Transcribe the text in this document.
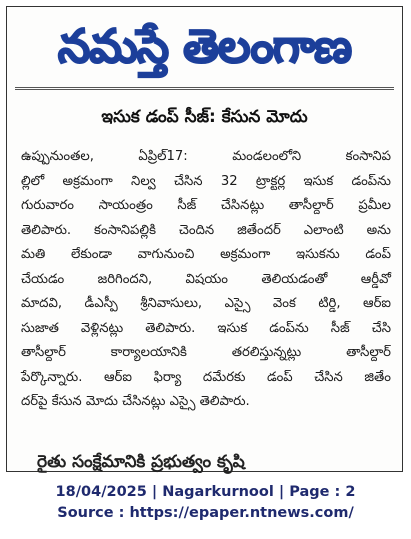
నమస్తే తెలంగాణ
ఇసుక డంప్ సీజ్: కేసున మోదు
ఉప్పునుంతల, ఏప్రిల్17: మండలంలోని కంసానిప
ల్లిలో అక్రమంగా నిల్వ చేసిన 32 ట్రాక్టర్ల ఇసుక డంప్‌ను
గురువారం సాయంత్రం సీజ్ చేసినట్లు తాసీల్దార్ ప్రమీల
తెలిపారు. కంసానిపల్లికి చెందిన జితేందర్ ఎలాంటి అను
మతి లేకుండా వాగునుంచి అక్రమంగా ఇసుకను డంప్
చేయడం జరిగిందని, విషయం తెలియడంతో ఆర్డీవో
మాదవి, డీఎస్పీ శ్రీనివాసులు, ఎస్సై వెంక టిర్డి, ఆర్ఐ
సుజాత వెళ్లినట్లు తెలిపారు. ఇసుక డంప్‌ను సీజ్ చేసి
తాసీల్దార్ కార్యాలయానికి తరలిస్తున్నట్లు తాసీల్దార్
పేర్కొన్నారు. ఆర్ఐ ఫిర్యా దమేరకు డంప్ చేసిన జితేం
దర్‌పై కేసున మోదు చేసినట్లు ఎస్సై తెలిపారు.
రైతు సంక్షేమానికి ప్రభుత్వం కృషి
18/04/2025 | Nagarkurnool | Page : 2
Source : https://epaper.ntnews.com/
